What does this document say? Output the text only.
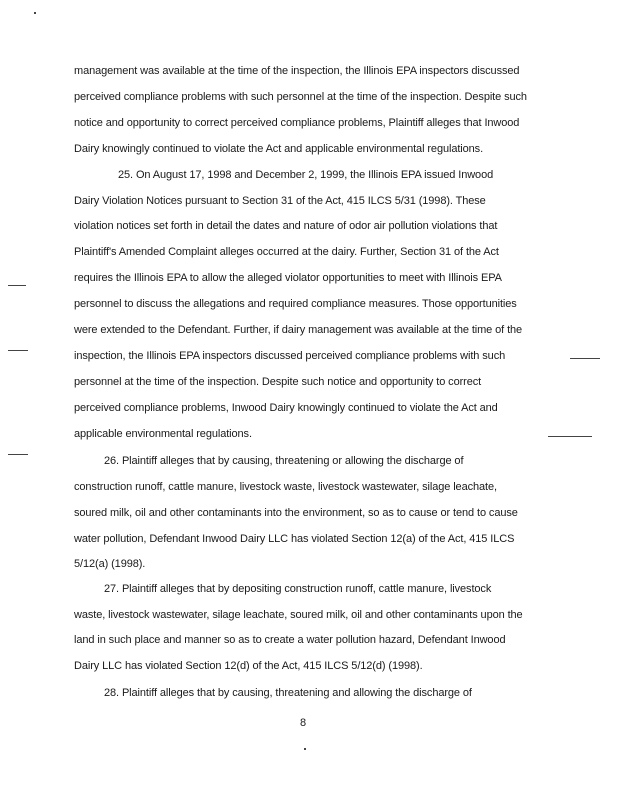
management was available at the time of the inspection, the Illinois EPA inspectors discussed
perceived compliance problems with such personnel at the time of the inspection. Despite such
notice and opportunity to correct perceived compliance problems, Plaintiff alleges that Inwood
Dairy knowingly continued to violate the Act and applicable environmental regulations.
25. On August 17, 1998 and December 2, 1999, the Illinois EPA issued Inwood
Dairy Violation Notices pursuant to Section 31 of the Act, 415 ILCS 5/31 (1998). These
violation notices set forth in detail the dates and nature of odor air pollution violations that
Plaintiff's Amended Complaint alleges occurred at the dairy. Further, Section 31 of the Act
requires the Illinois EPA to allow the alleged violator opportunities to meet with Illinois EPA
personnel to discuss the allegations and required compliance measures. Those opportunities
were extended to the Defendant. Further, if dairy management was available at the time of the
inspection, the Illinois EPA inspectors discussed perceived compliance problems with such
personnel at the time of the inspection. Despite such notice and opportunity to correct
perceived compliance problems, Inwood Dairy knowingly continued to violate the Act and
applicable environmental regulations.
26. Plaintiff alleges that by causing, threatening or allowing the discharge of
construction runoff, cattle manure, livestock waste, livestock wastewater, silage leachate,
soured milk, oil and other contaminants into the environment, so as to cause or tend to cause
water pollution, Defendant Inwood Dairy LLC has violated Section 12(a) of the Act, 415 ILCS
5/12(a) (1998).
27. Plaintiff alleges that by depositing construction runoff, cattle manure, livestock
waste, livestock wastewater, silage leachate, soured milk, oil and other contaminants upon the
land in such place and manner so as to create a water pollution hazard, Defendant Inwood
Dairy LLC has violated Section 12(d) of the Act, 415 ILCS 5/12(d) (1998).
28. Plaintiff alleges that by causing, threatening and allowing the discharge of
8
